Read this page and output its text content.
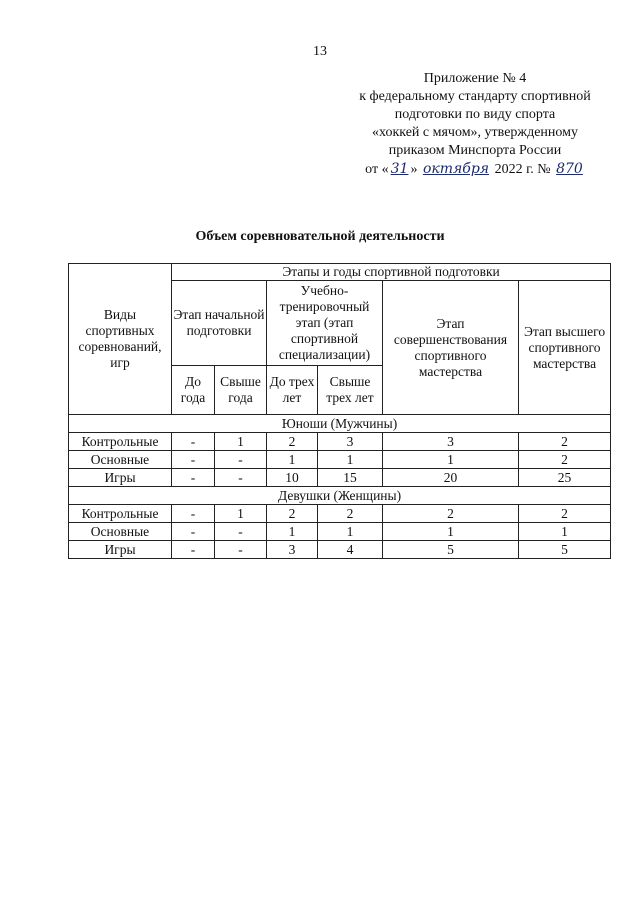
13
Приложение № 4
к федеральному стандарту спортивной
подготовки по виду спорта
«хоккей с мячом», утвержденному
приказом Минспорта России
от « 31 » октября 2022 г. № 870
Объем соревновательной деятельности
Виды спортивных соревнований, игр	Этапы и годы спортивной подготовки					
	Этап начальной подготовки		Учебно-тренировочный этап (этап спортивной специализации)		Этап совершенствования спортивного мастерства	Этап высшего спортивного мастерства
	До года	Свыше года	До трех лет	Свыше трех лет		
Юноши (Мужчины)						
Контрольные	-	1	2	3	3	2
Основные	-	-	1	1	1	2
Игры	-	-	10	15	20	25
Девушки (Женщины)						
Контрольные	-	1	2	2	2	2
Основные	-	-	1	1	1	1
Игры	-	-	3	4	5	5
